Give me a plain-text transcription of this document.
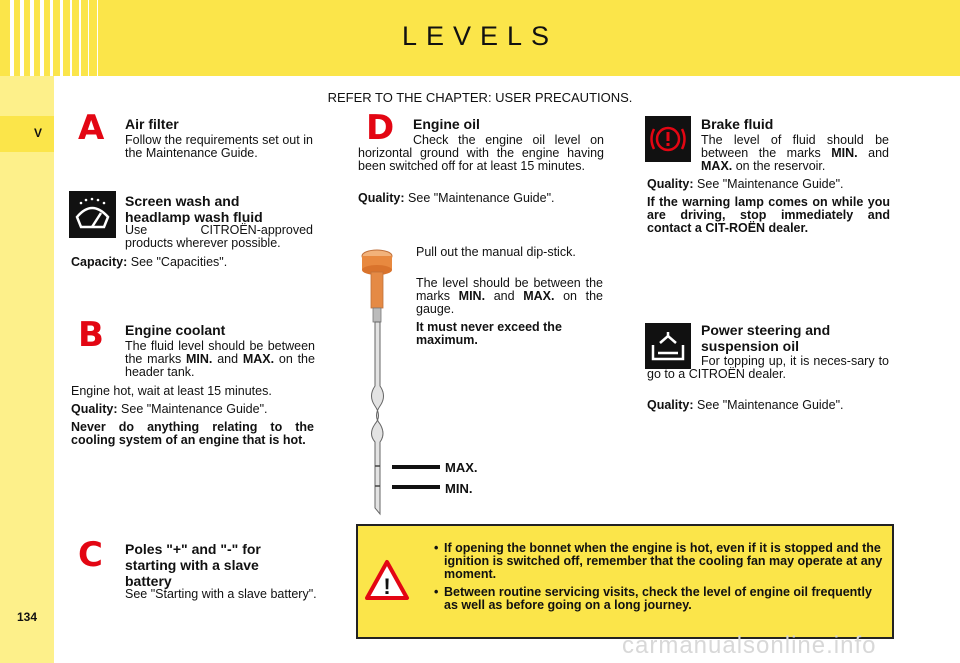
LEVELS
V
134
REFER TO THE CHAPTER: USER PRECAUTIONS.
A Air filter
Follow the requirements set out in the Maintenance Guide.
Screen wash and
headlamp wash fluid
Use CITROËN-approved products wherever possible.
Capacity: See "Capacities".
B Engine coolant
The fluid level should be between the marks MIN. and MAX. on the header tank.
Engine hot, wait at least 15 minutes.
Quality: See "Maintenance Guide".
Never do anything relating to the cooling system of an engine that is hot.
C Poles "+" and "-" for
starting with a slave
battery
See "Starting with a slave battery".
D Engine oil
Check the engine oil level on horizontal ground with the engine having been switched off for at least 15 minutes.
Quality: See "Maintenance Guide".
MAX.
MIN.
Pull out the manual dip-stick.
The level should be between the marks MIN. and MAX. on the gauge.
It must never exceed the maximum.
Brake fluid
The level of fluid should be between the marks MIN. and MAX. on the reservoir.
Quality: See "Maintenance Guide".
If the warning lamp comes on while you are driving, stop immediately and contact a CIT-ROËN dealer.
Power steering and
suspension oil
For topping up, it is neces-sary to go to a CITROËN dealer.
Quality: See "Maintenance Guide".
!
• If opening the bonnet when the engine is hot, even if it is stopped and the ignition is switched off, remember that the cooling fan may operate at any moment.
• Between routine servicing visits, check the level of engine oil frequently as well as before going on a long journey.
carmanualsonline.info
